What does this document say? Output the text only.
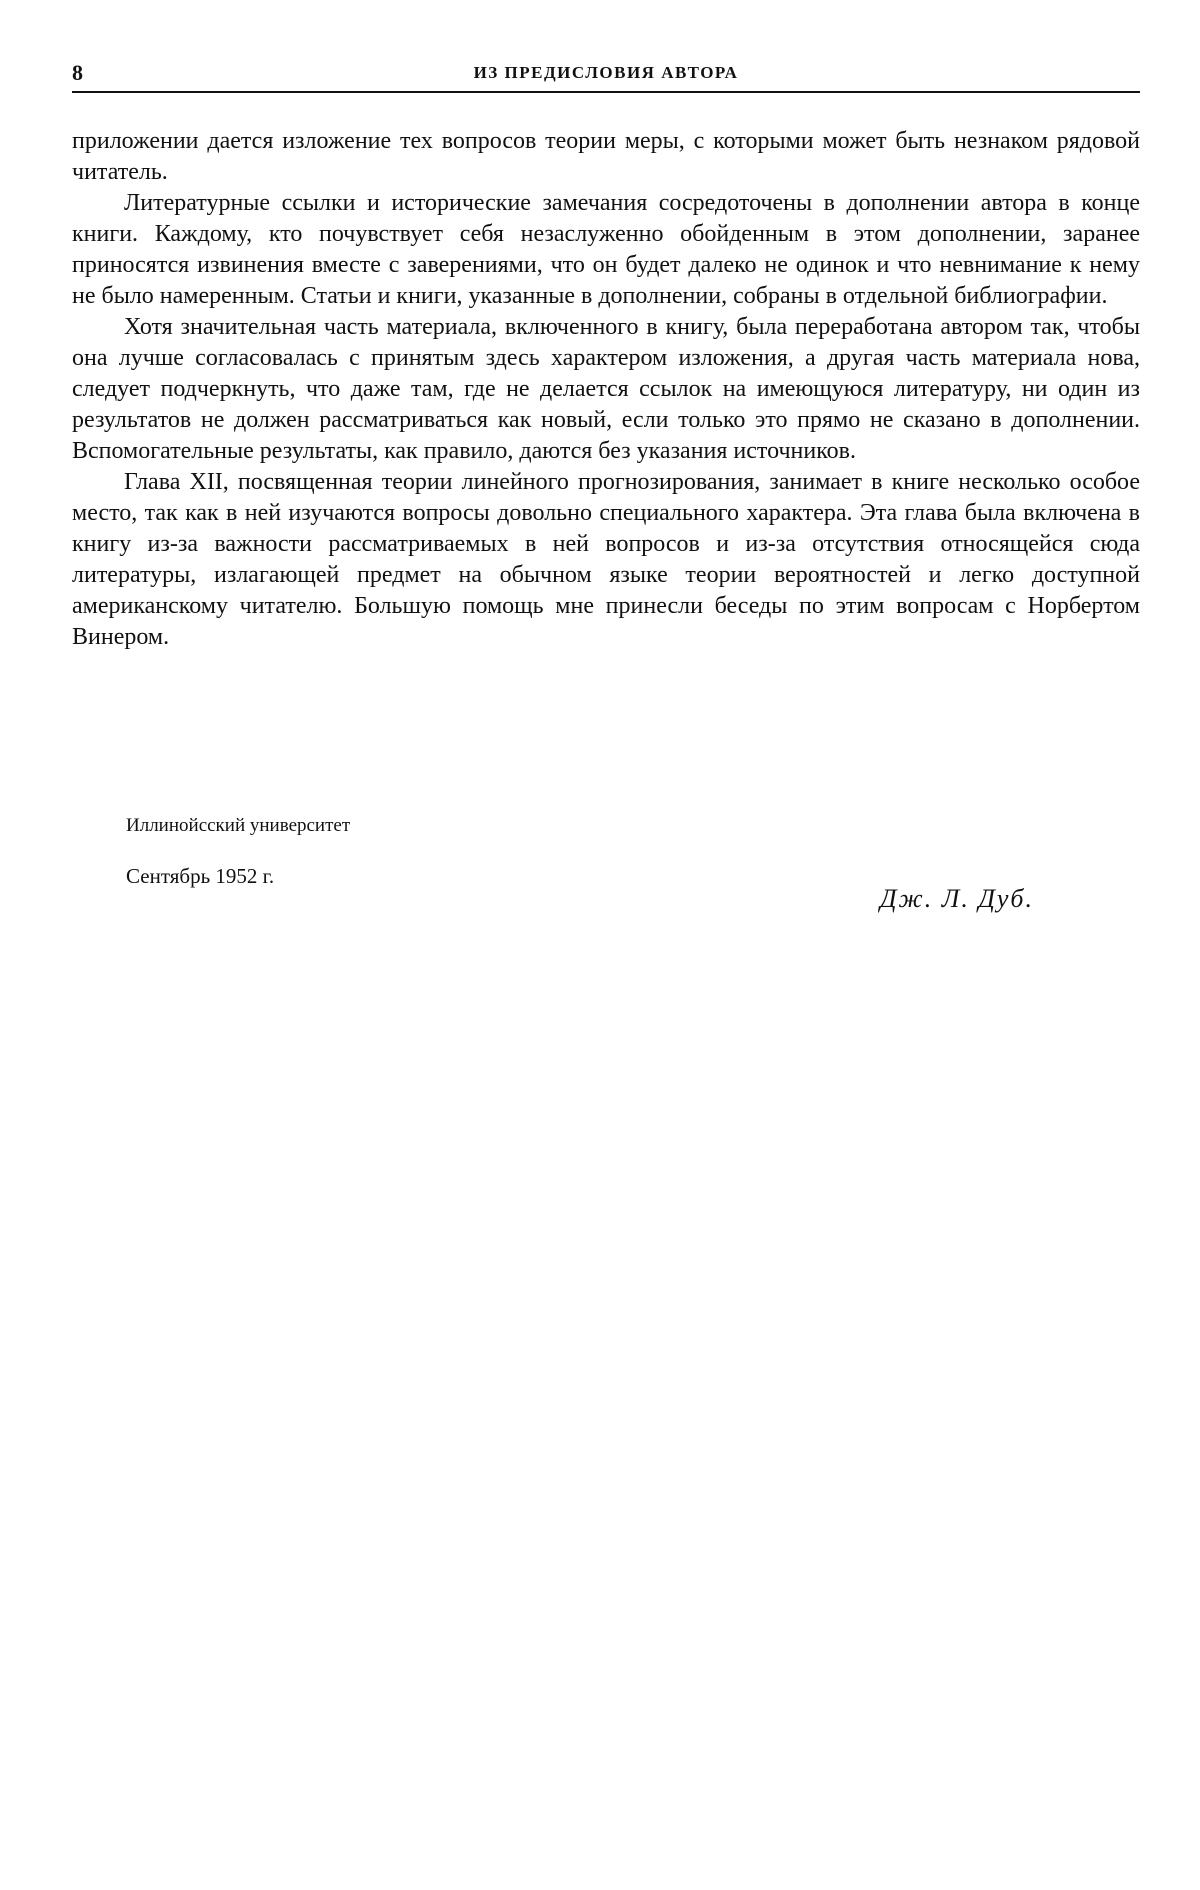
8	ИЗ ПРЕДИСЛОВИЯ АВТОРА

приложении дается изложение тех вопросов теории меры, с которыми может быть незнаком рядовой читатель.

Литературные ссылки и исторические замечания сосредоточены в дополнении автора в конце книги. Каждому, кто почувствует себя незаслуженно обойденным в этом дополнении, заранее приносятся извинения вместе с заверениями, что он будет далеко не одинок и что невнимание к нему не было намеренным. Статьи и книги, указанные в дополнении, собраны в отдельной библиографии.

Хотя значительная часть материала, включенного в книгу, была переработана автором так, чтобы она лучше согласовалась с принятым здесь характером изложения, а другая часть материала нова, следует подчеркнуть, что даже там, где не делается ссылок на имеющуюся литературу, ни один из результатов не должен рассматриваться как новый, если только это прямо не сказано в дополнении. Вспомогательные результаты, как правило, даются без указания источников.

Глава XII, посвященная теории линейного прогнозирования, занимает в книге несколько особое место, так как в ней изучаются вопросы довольно специального характера. Эта глава была включена в книгу из-за важности рассматриваемых в ней вопросов и из-за отсутствия относящейся сюда литературы, излагающей предмет на обычном языке теории вероятностей и легко доступной американскому читателю. Большую помощь мне принесли беседы по этим вопросам с Норбертом Винером.

Иллинойсский университет
Сентябрь 1952 г.
Дж. Л. Дуб.
